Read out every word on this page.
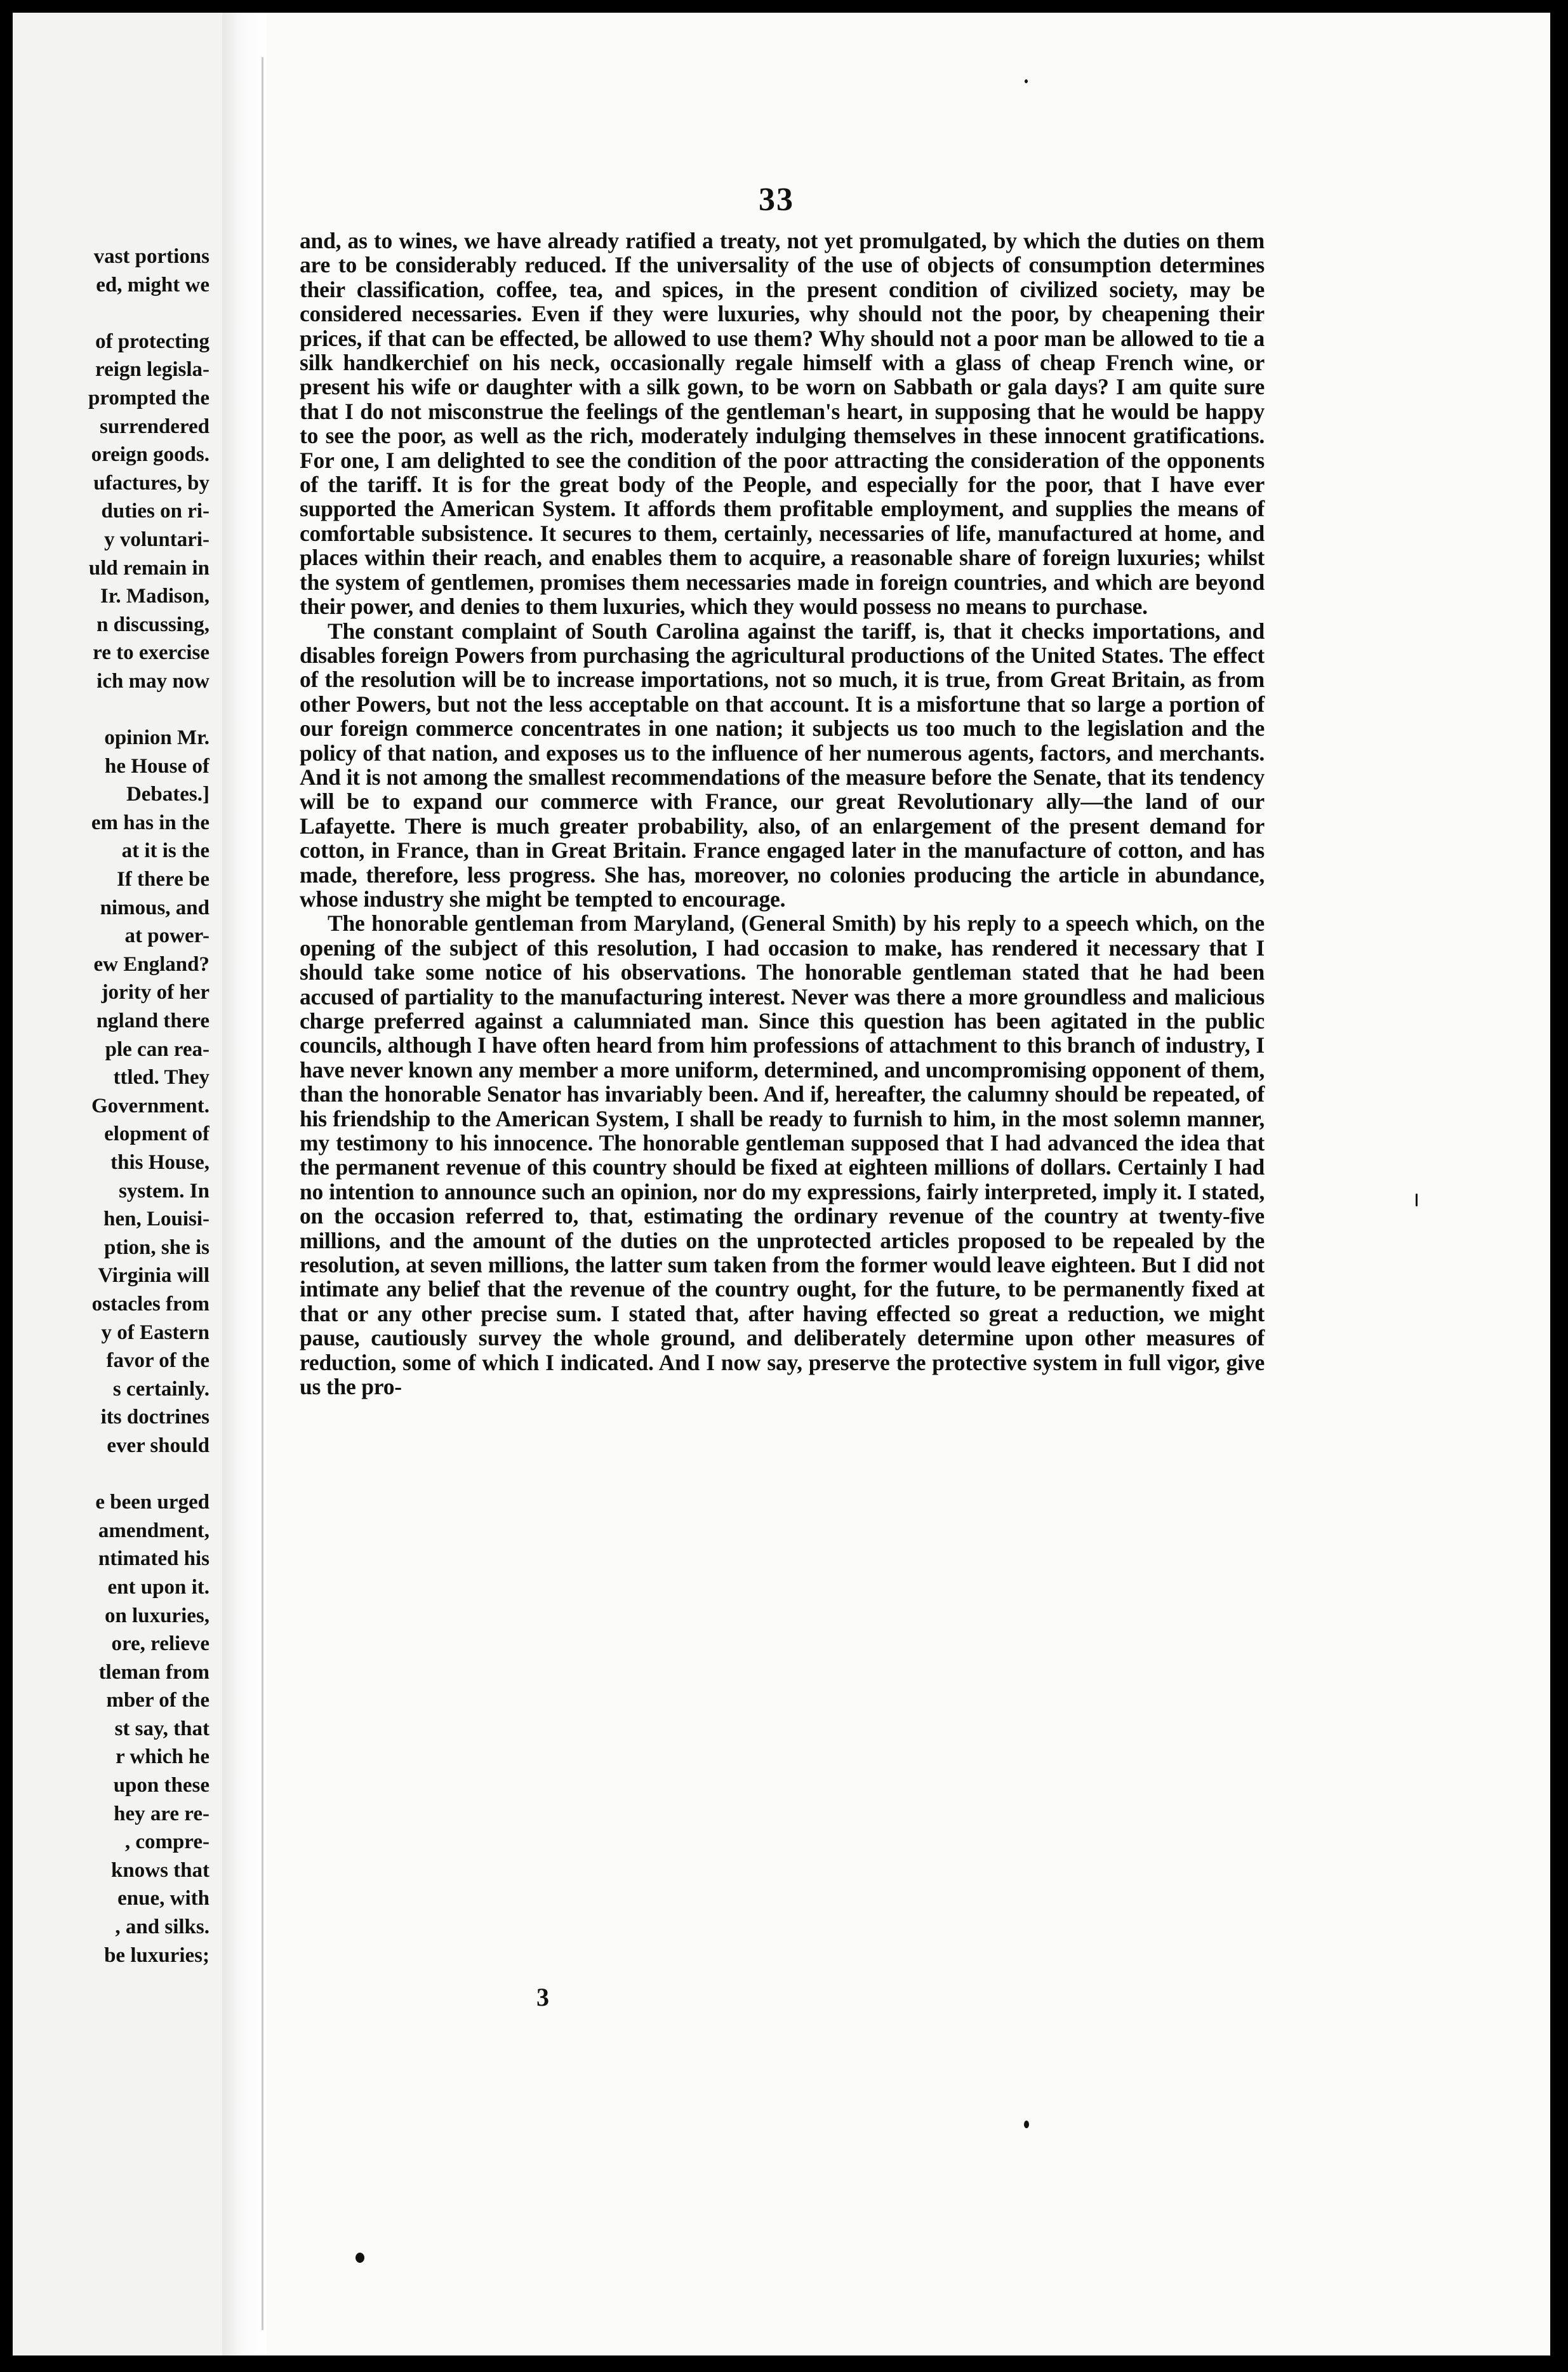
vast portions
ed, might we
of protecting
reign legisla-
prompted the
surrendered
oreign goods.
ufactures, by
duties on ri-
y voluntari-
uld remain in
Ir. Madison,
n discussing,
re to exercise
ich may now
opinion Mr.
he House of
Debates.]
em has in the
at it is the
If there be
nimous, and
at power-
ew England?
jority of her
ngland there
ple can rea-
ttled. They
Government.
elopment of
this House,
system. In
hen, Louisi-
ption, she is
Virginia will
ostacles from
y of Eastern
favor of the
s certainly.
its doctrines
ever should
e been urged
amendment,
ntimated his
ent upon it.
on luxuries,
ore, relieve
tleman from
mber of the
st say, that
r which he
upon these
hey are re-
, compre-
knows that
enue, with
, and silks.
be luxuries;
33

and, as to wines, we have already ratified a treaty, not yet promulgated, by which the duties on them are to be considerably reduced. If the universality of the use of objects of consumption determines their classification, coffee, tea, and spices, in the present condition of civilized society, may be considered necessaries. Even if they were luxuries, why should not the poor, by cheapening their prices, if that can be effected, be allowed to use them? Why should not a poor man be allowed to tie a silk handkerchief on his neck, occasionally regale himself with a glass of cheap French wine, or present his wife or daughter with a silk gown, to be worn on Sabbath or gala days? I am quite sure that I do not misconstrue the feelings of the gentleman's heart, in supposing that he would be happy to see the poor, as well as the rich, moderately indulging themselves in these innocent gratifications. For one, I am delighted to see the condition of the poor attracting the consideration of the opponents of the tariff. It is for the great body of the People, and especially for the poor, that I have ever supported the American System. It affords them profitable employment, and supplies the means of comfortable subsistence. It secures to them, certainly, necessaries of life, manufactured at home, and places within their reach, and enables them to acquire, a reasonable share of foreign luxuries; whilst the system of gentlemen, promises them necessaries made in foreign countries, and which are beyond their power, and denies to them luxuries, which they would possess no means to purchase.

The constant complaint of South Carolina against the tariff, is, that it checks importations, and disables foreign Powers from purchasing the agricultural productions of the United States. The effect of the resolution will be to increase importations, not so much, it is true, from Great Britain, as from other Powers, but not the less acceptable on that account. It is a misfortune that so large a portion of our foreign commerce concentrates in one nation; it subjects us too much to the legislation and the policy of that nation, and exposes us to the influence of her numerous agents, factors, and merchants. And it is not among the smallest recommendations of the measure before the Senate, that its tendency will be to expand our commerce with France, our great Revolutionary ally—the land of our Lafayette. There is much greater probability, also, of an enlargement of the present demand for cotton, in France, than in Great Britain. France engaged later in the manufacture of cotton, and has made, therefore, less progress. She has, moreover, no colonies producing the article in abundance, whose industry she might be tempted to encourage.

The honorable gentleman from Maryland, (General Smith) by his reply to a speech which, on the opening of the subject of this resolution, I had occasion to make, has rendered it necessary that I should take some notice of his observations. The honorable gentleman stated that he had been accused of partiality to the manufacturing interest. Never was there a more groundless and malicious charge preferred against a calumniated man. Since this question has been agitated in the public councils, although I have often heard from him professions of attachment to this branch of industry, I have never known any member a more uniform, determined, and uncompromising opponent of them, than the honorable Senator has invariably been. And if, hereafter, the calumny should be repeated, of his friendship to the American System, I shall be ready to furnish to him, in the most solemn manner, my testimony to his innocence. The honorable gentleman supposed that I had advanced the idea that the permanent revenue of this country should be fixed at eighteen millions of dollars. Certainly I had no intention to announce such an opinion, nor do my expressions, fairly interpreted, imply it. I stated, on the occasion referred to, that, estimating the ordinary revenue of the country at twenty-five millions, and the amount of the duties on the unprotected articles proposed to be repealed by the resolution, at seven millions, the latter sum taken from the former would leave eighteen. But I did not intimate any belief that the revenue of the country ought, for the future, to be permanently fixed at that or any other precise sum. I stated that, after having effected so great a reduction, we might pause, cautiously survey the whole ground, and deliberately determine upon other measures of reduction, some of which I indicated. And I now say, preserve the protective system in full vigor, give us the pro-

3
